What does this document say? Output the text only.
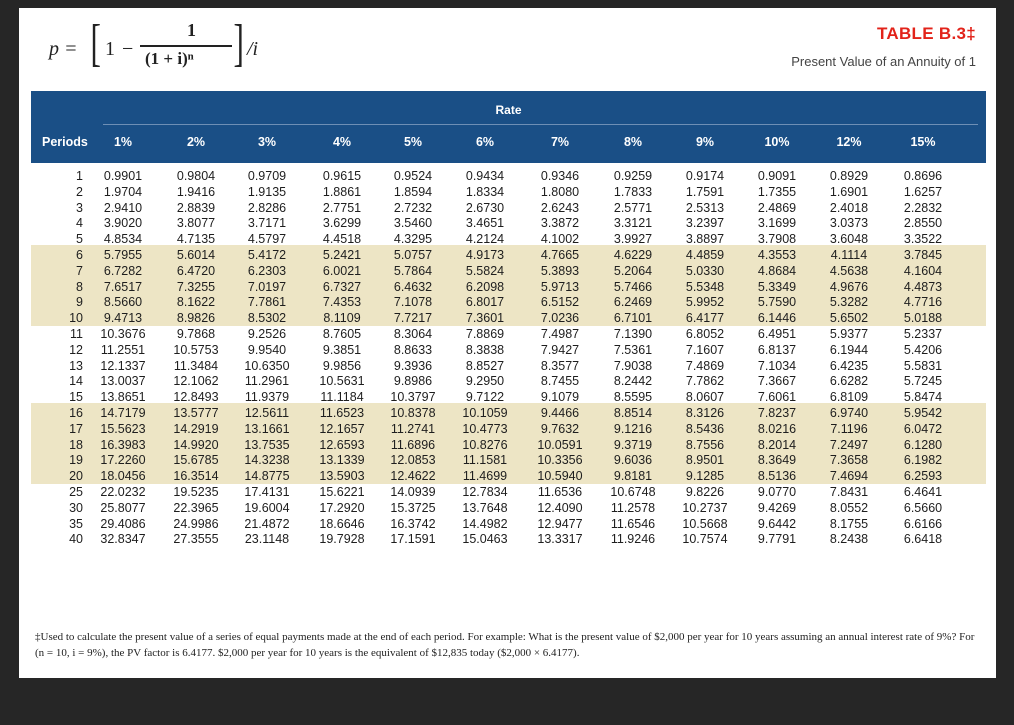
p = [ 1 −
1
(1 + i)ⁿ ] /i
TABLE B.3‡
Present Value of an Annuity of 1
Rate
Periods	1%	2%	3%	4%	5%	6%	7%	8%	9%	10%	12%	15%
1	0.9901	0.9804	0.9709	0.9615	0.9524	0.9434	0.9346	0.9259	0.9174	0.9091	0.8929	0.8696
2	1.9704	1.9416	1.9135	1.8861	1.8594	1.8334	1.8080	1.7833	1.7591	1.7355	1.6901	1.6257
3	2.9410	2.8839	2.8286	2.7751	2.7232	2.6730	2.6243	2.5771	2.5313	2.4869	2.4018	2.2832
4	3.9020	3.8077	3.7171	3.6299	3.5460	3.4651	3.3872	3.3121	3.2397	3.1699	3.0373	2.8550
5	4.8534	4.7135	4.5797	4.4518	4.3295	4.2124	4.1002	3.9927	3.8897	3.7908	3.6048	3.3522
6	5.7955	5.6014	5.4172	5.2421	5.0757	4.9173	4.7665	4.6229	4.4859	4.3553	4.1114	3.7845
7	6.7282	6.4720	6.2303	6.0021	5.7864	5.5824	5.3893	5.2064	5.0330	4.8684	4.5638	4.1604
8	7.6517	7.3255	7.0197	6.7327	6.4632	6.2098	5.9713	5.7466	5.5348	5.3349	4.9676	4.4873
9	8.5660	8.1622	7.7861	7.4353	7.1078	6.8017	6.5152	6.2469	5.9952	5.7590	5.3282	4.7716
10	9.4713	8.9826	8.5302	8.1109	7.7217	7.3601	7.0236	6.7101	6.4177	6.1446	5.6502	5.0188
11	10.3676	9.7868	9.2526	8.7605	8.3064	7.8869	7.4987	7.1390	6.8052	6.4951	5.9377	5.2337
12	11.2551	10.5753	9.9540	9.3851	8.8633	8.3838	7.9427	7.5361	7.1607	6.8137	6.1944	5.4206
13	12.1337	11.3484	10.6350	9.9856	9.3936	8.8527	8.3577	7.9038	7.4869	7.1034	6.4235	5.5831
14	13.0037	12.1062	11.2961	10.5631	9.8986	9.2950	8.7455	8.2442	7.7862	7.3667	6.6282	5.7245
15	13.8651	12.8493	11.9379	11.1184	10.3797	9.7122	9.1079	8.5595	8.0607	7.6061	6.8109	5.8474
16	14.7179	13.5777	12.5611	11.6523	10.8378	10.1059	9.4466	8.8514	8.3126	7.8237	6.9740	5.9542
17	15.5623	14.2919	13.1661	12.1657	11.2741	10.4773	9.7632	9.1216	8.5436	8.0216	7.1196	6.0472
18	16.3983	14.9920	13.7535	12.6593	11.6896	10.8276	10.0591	9.3719	8.7556	8.2014	7.2497	6.1280
19	17.2260	15.6785	14.3238	13.1339	12.0853	11.1581	10.3356	9.6036	8.9501	8.3649	7.3658	6.1982
20	18.0456	16.3514	14.8775	13.5903	12.4622	11.4699	10.5940	9.8181	9.1285	8.5136	7.4694	6.2593
25	22.0232	19.5235	17.4131	15.6221	14.0939	12.7834	11.6536	10.6748	9.8226	9.0770	7.8431	6.4641
30	25.8077	22.3965	19.6004	17.2920	15.3725	13.7648	12.4090	11.2578	10.2737	9.4269	8.0552	6.5660
35	29.4086	24.9986	21.4872	18.6646	16.3742	14.4982	12.9477	11.6546	10.5668	9.6442	8.1755	6.6166
40	32.8347	27.3555	23.1148	19.7928	17.1591	15.0463	13.3317	11.9246	10.7574	9.7791	8.2438	6.6418
‡Used to calculate the present value of a series of equal payments made at the end of each period. For example: What is the present value of $2,000 per year for 10 years assuming an annual interest rate of 9%? For (n = 10, i = 9%), the PV factor is 6.4177. $2,000 per year for 10 years is the equivalent of $12,835 today ($2,000 × 6.4177).
